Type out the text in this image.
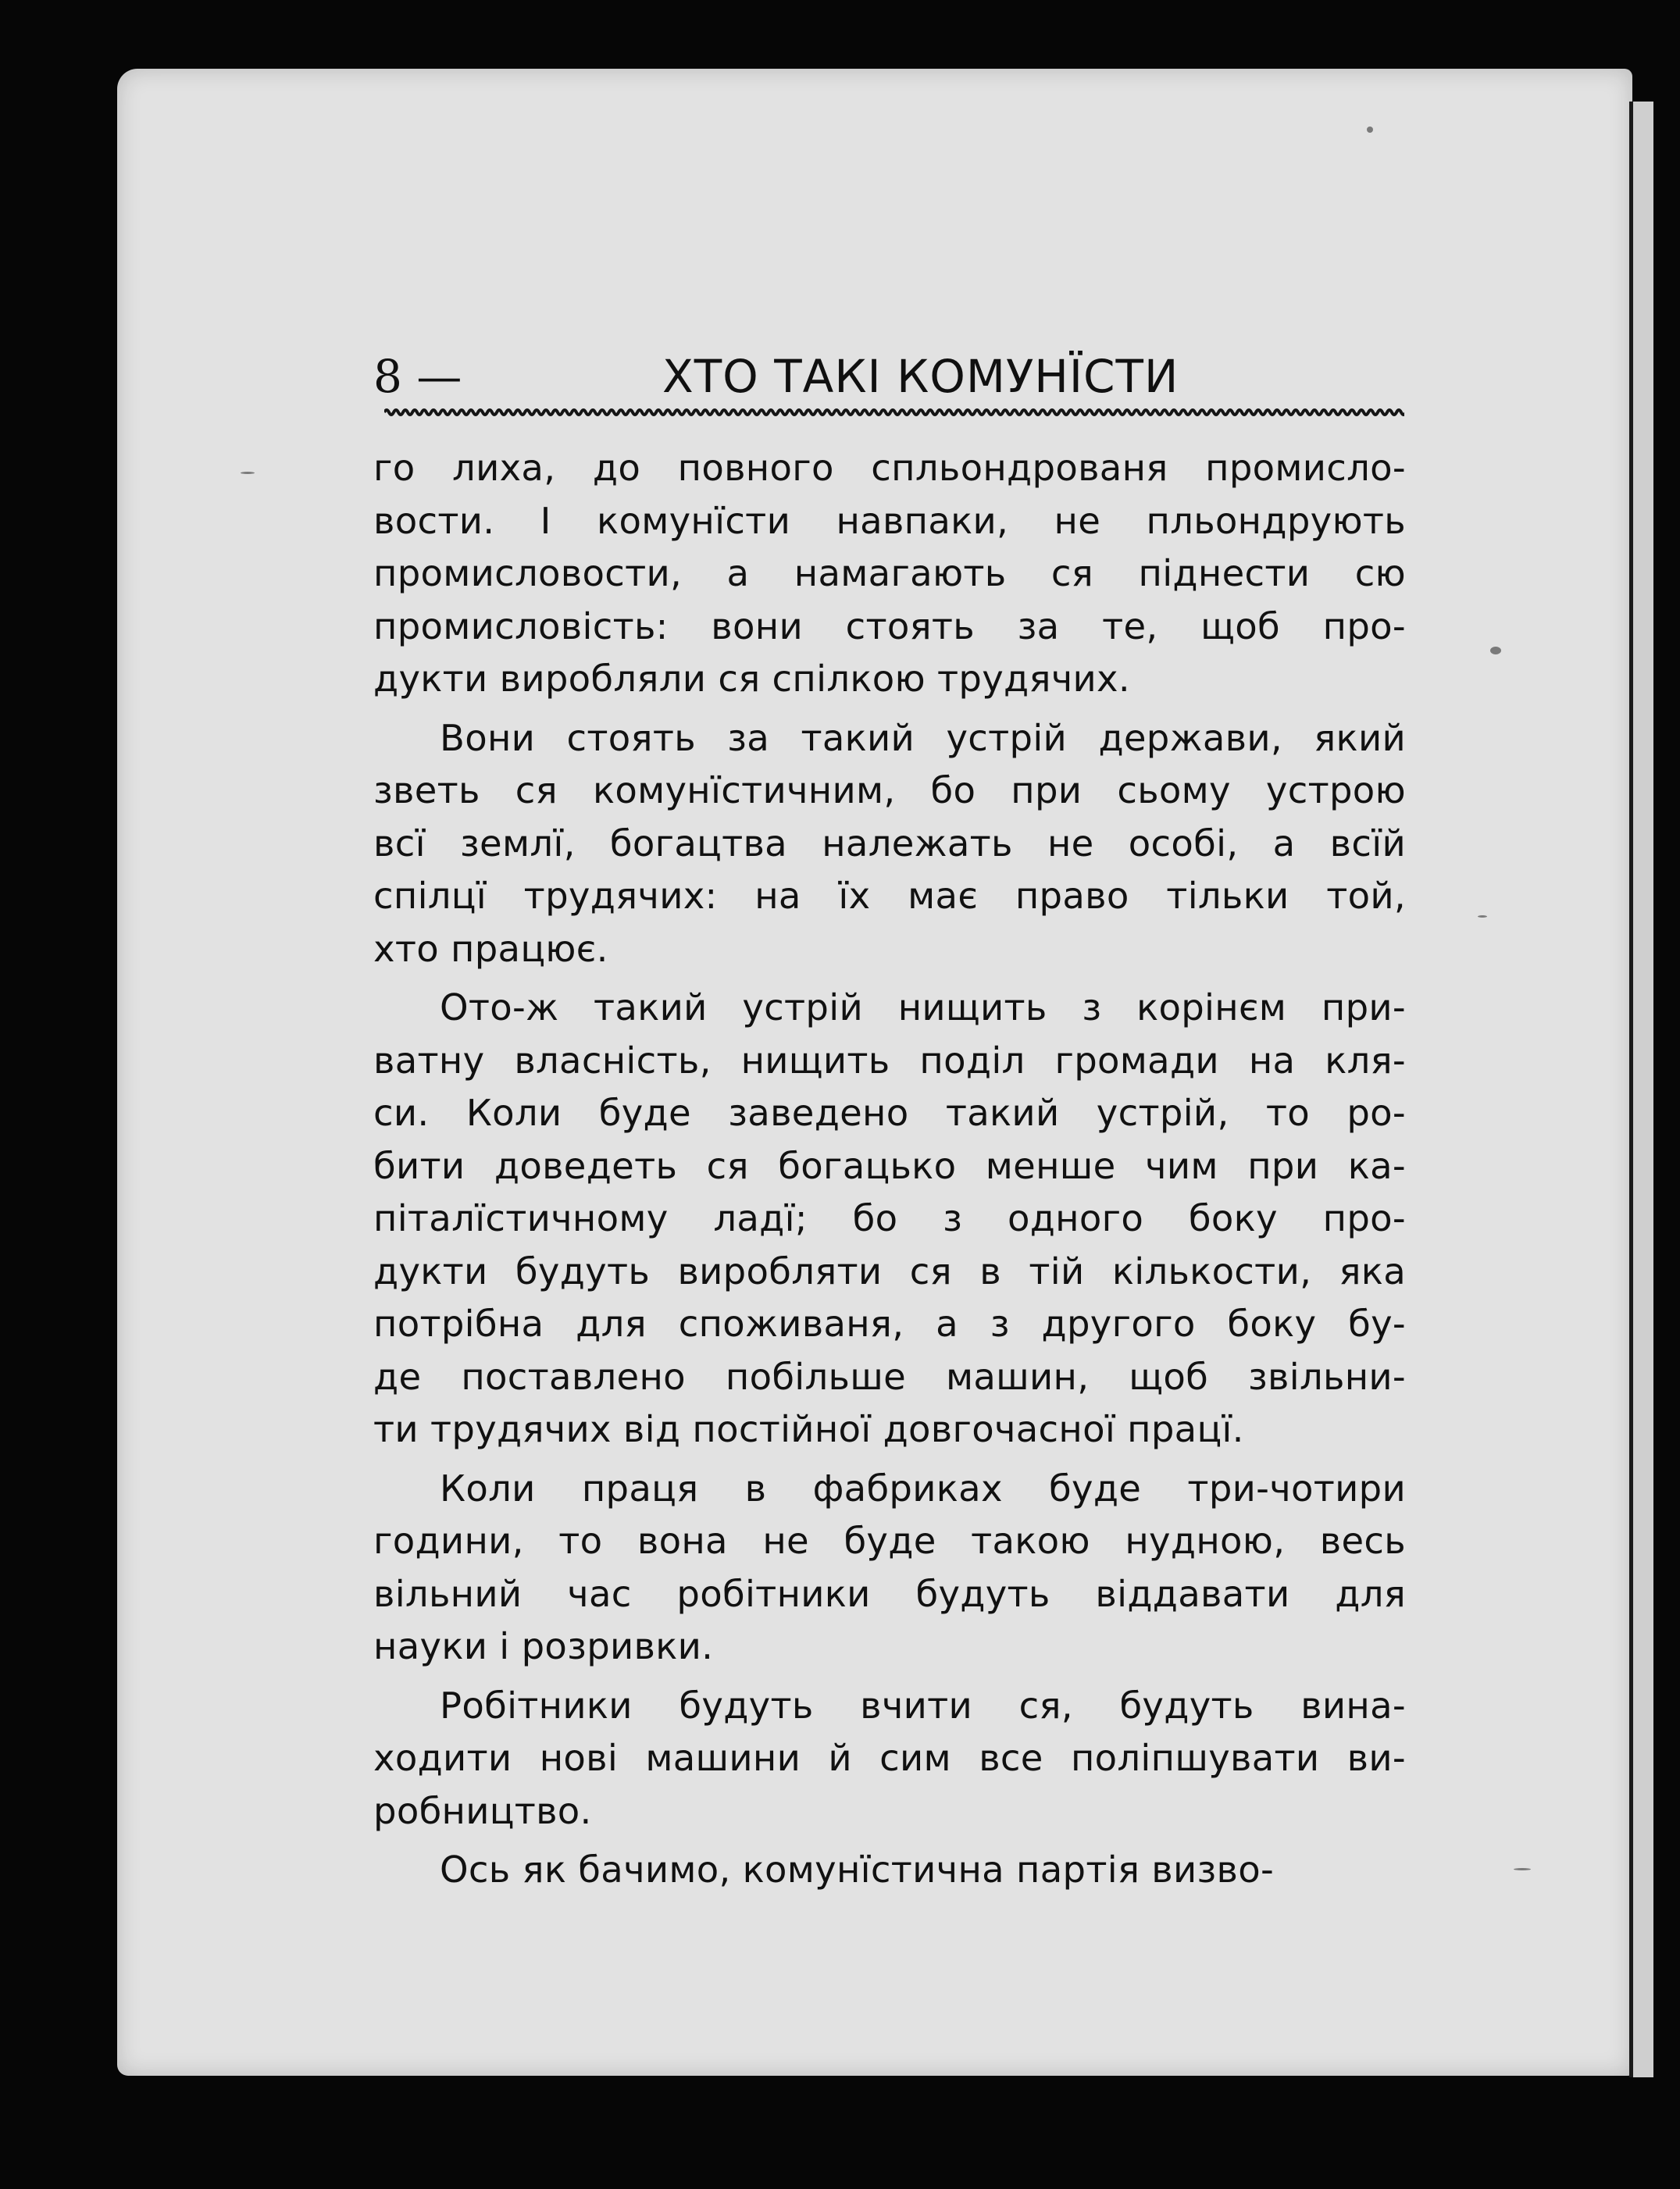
8 —	ХТО ТАКІ КОМУНЇСТИ
го лиха, до повного спльондрованя промисло-
вости. І комунїсти навпаки, не пльондрують
промисловости, а намагають ся піднести сю
промисловість: вони стоять за те, щоб про-
дукти виробляли ся спілкою трудячих.
Вони стоять за такий устрій держави, який
зветь ся комунїстичним, бо при сьому устрою
всї землї, богацтва належать не особі, а всїй
спілцї трудячих: на їх має право тільки той,
хто працює.
Ото-ж такий устрій нищить з корінєм при-
ватну власність, нищить поділ громади на кля-
си. Коли буде заведено такий устрій, то ро-
бити доведеть ся богацько менше чим при ка-
піталїстичному ладї; бо з одного боку про-
дукти будуть виробляти ся в тій кількости, яка
потрібна для споживаня, а з другого боку бу-
де поставлено побільше машин, щоб звільни-
ти трудячих від постійної довгочасної працї.
Коли праця в фабриках буде три-чотири
години, то вона не буде такою нудною, весь
вільний час робітники будуть віддавати для
науки і розривки.
Робітники будуть вчити ся, будуть вина-
ходити нові машини й сим все поліпшувати ви-
робництво.
Ось як бачимо, комунїстична партія визво-
